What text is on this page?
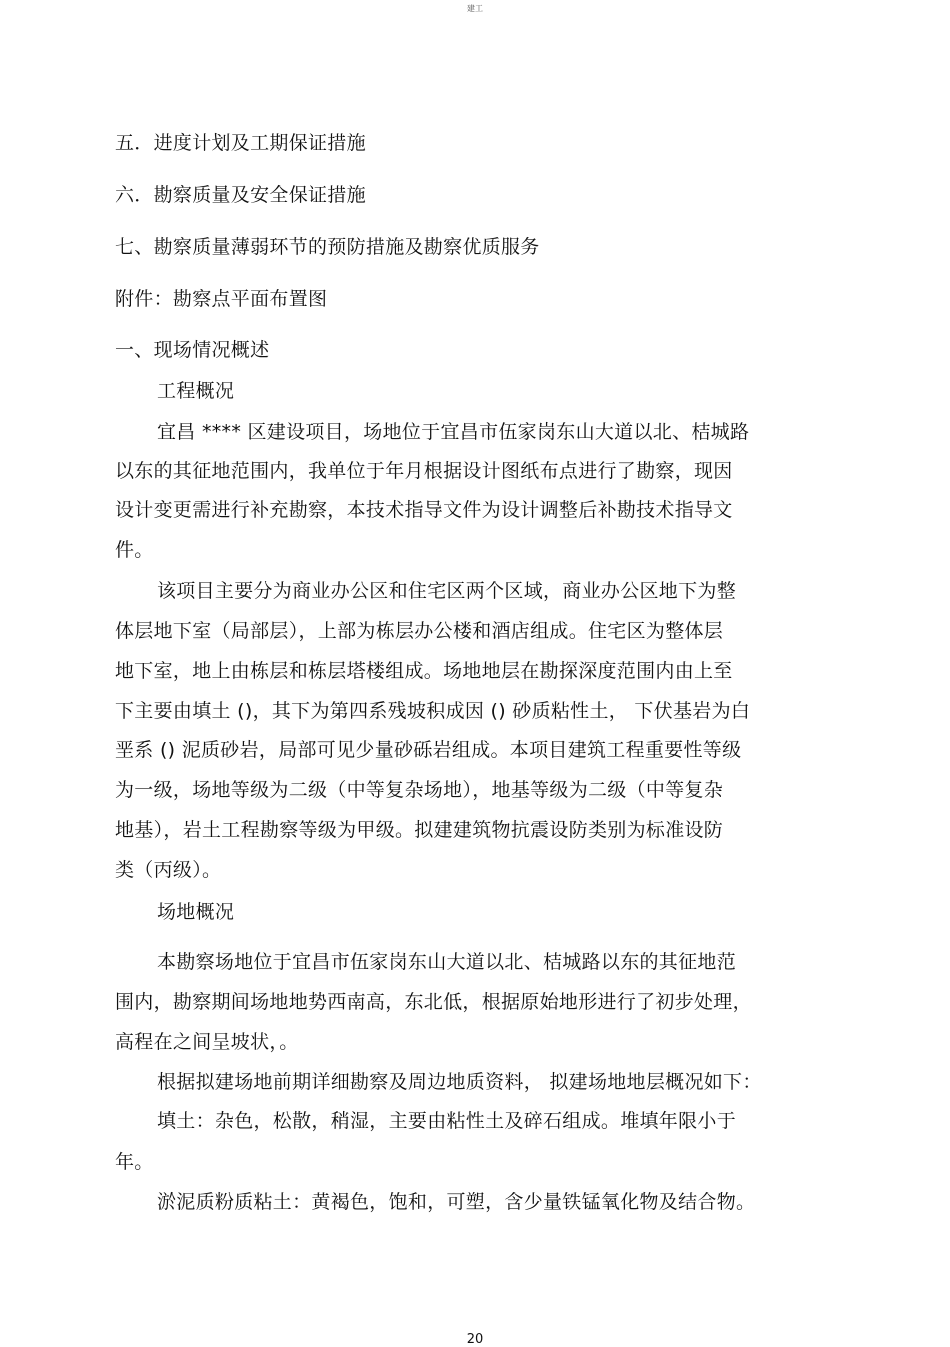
建工
五．进度计划及工期保证措施
六．勘察质量及安全保证措施
七、勘察质量薄弱环节的预防措施及勘察优质服务
附件：勘察点平面布置图
一、现场情况概述
工程概况
宜昌 **** 区建设项目，场地位于宜昌市伍家岗东山大道以北、桔城路
以东的其征地范围内，我单位于年月根据设计图纸布点进行了勘察，现因
设计变更需进行补充勘察，本技术指导文件为设计调整后补勘技术指导文
件。
该项目主要分为商业办公区和住宅区两个区域，商业办公区地下为整
体层地下室（局部层），上部为栋层办公楼和酒店组成。住宅区为整体层
地下室，地上由栋层和栋层塔楼组成。场地地层在勘探深度范围内由上至
下主要由填土 ()，其下为第四系残坡积成因 () 砂质粘性土， 下伏基岩为白
垩系 () 泥质砂岩，局部可见少量砂砾岩组成。本项目建筑工程重要性等级
为一级，场地等级为二级（中等复杂场地），地基等级为二级（中等复杂
地基），岩土工程勘察等级为甲级。拟建建筑物抗震设防类别为标准设防
类（丙级）。
场地概况
本勘察场地位于宜昌市伍家岗东山大道以北、桔城路以东的其征地范
围内，勘察期间场地地势西南高，东北低，根据原始地形进行了初步处理，
高程在之间呈坡状，。
根据拟建场地前期详细勘察及周边地质资料， 拟建场地地层概况如下：
填土：杂色，松散，稍湿，主要由粘性土及碎石组成。堆填年限小于
年。
淤泥质粉质粘土：黄褐色，饱和，可塑，含少量铁锰氧化物及结合物。
20
